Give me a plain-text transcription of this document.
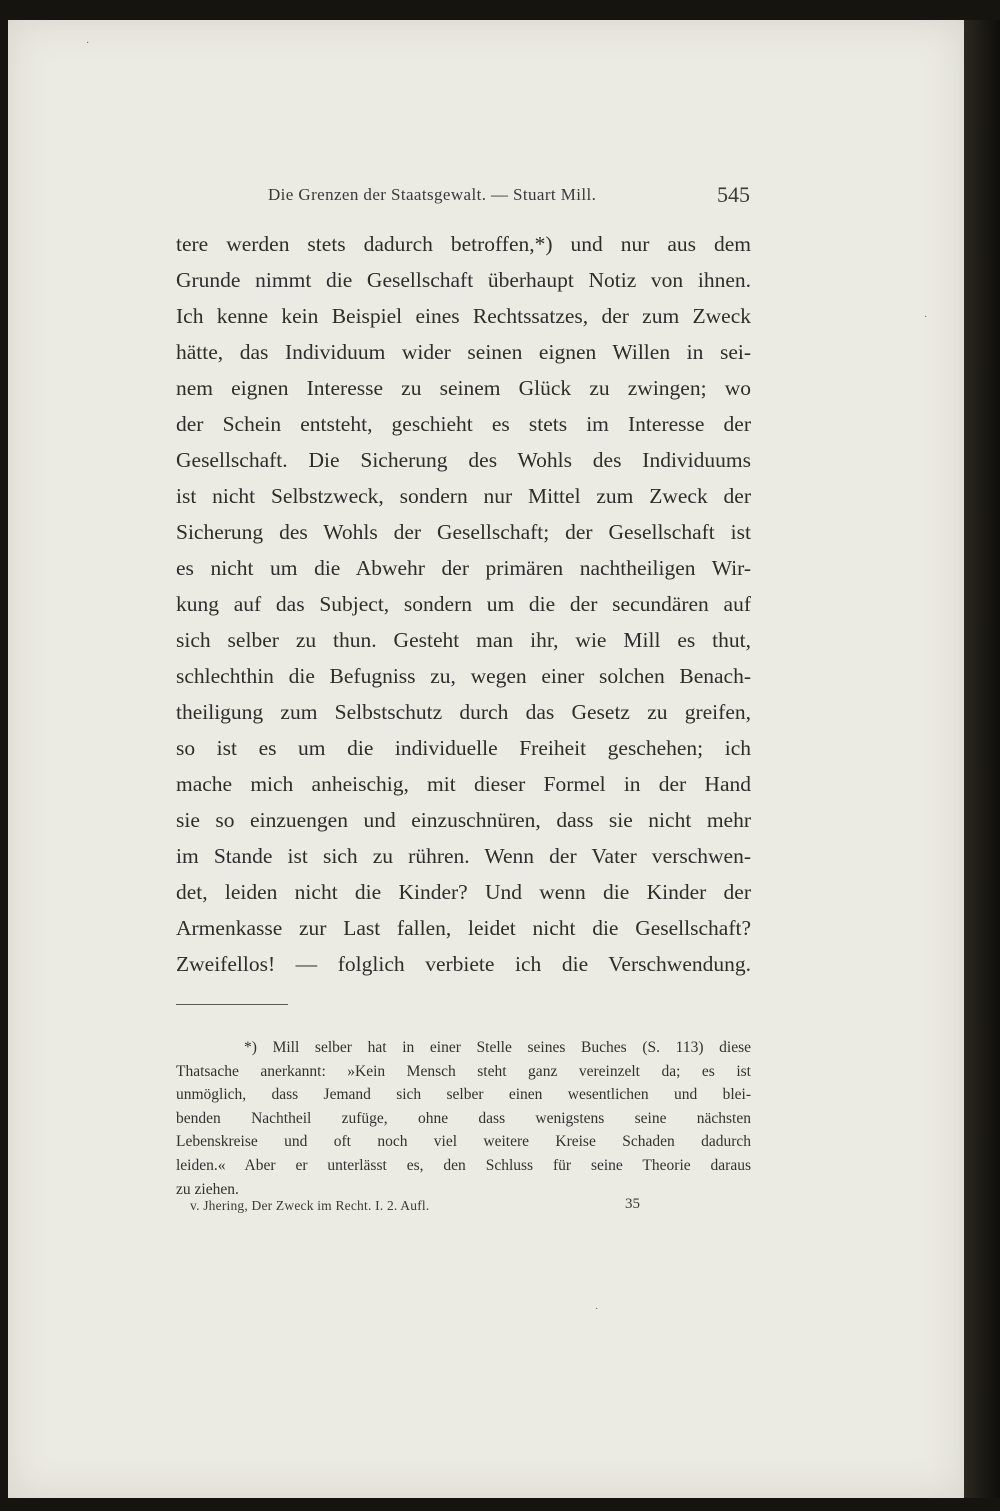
Die Grenzen der Staatsgewalt. — Stuart Mill.	545
tere werden stets dadurch betroffen,*) und nur aus dem
Grunde nimmt die Gesellschaft überhaupt Notiz von ihnen.
Ich kenne kein Beispiel eines Rechtssatzes, der zum Zweck
hätte, das Individuum wider seinen eignen Willen in sei-
nem eignen Interesse zu seinem Glück zu zwingen; wo
der Schein entsteht, geschieht es stets im Interesse der
Gesellschaft. Die Sicherung des Wohls des Individuums
ist nicht Selbstzweck, sondern nur Mittel zum Zweck der
Sicherung des Wohls der Gesellschaft; der Gesellschaft ist
es nicht um die Abwehr der primären nachtheiligen Wir-
kung auf das Subject, sondern um die der secundären auf
sich selber zu thun. Gesteht man ihr, wie Mill es thut,
schlechthin die Befugniss zu, wegen einer solchen Benach-
theiligung zum Selbstschutz durch das Gesetz zu greifen,
so ist es um die individuelle Freiheit geschehen; ich
mache mich anheischig, mit dieser Formel in der Hand
sie so einzuengen und einzuschnüren, dass sie nicht mehr
im Stande ist sich zu rühren. Wenn der Vater verschwen-
det, leiden nicht die Kinder? Und wenn die Kinder der
Armenkasse zur Last fallen, leidet nicht die Gesellschaft?
Zweifellos! — folglich verbiete ich die Verschwendung.
*) Mill selber hat in einer Stelle seines Buches (S. 113) diese
Thatsache anerkannt: »Kein Mensch steht ganz vereinzelt da; es ist
unmöglich, dass Jemand sich selber einen wesentlichen und blei-
benden Nachtheil zufüge, ohne dass wenigstens seine nächsten
Lebenskreise und oft noch viel weitere Kreise Schaden dadurch
leiden.« Aber er unterlässt es, den Schluss für seine Theorie daraus
zu ziehen.
v. Jhering, Der Zweck im Recht. I. 2. Aufl.	35
·
·
·
